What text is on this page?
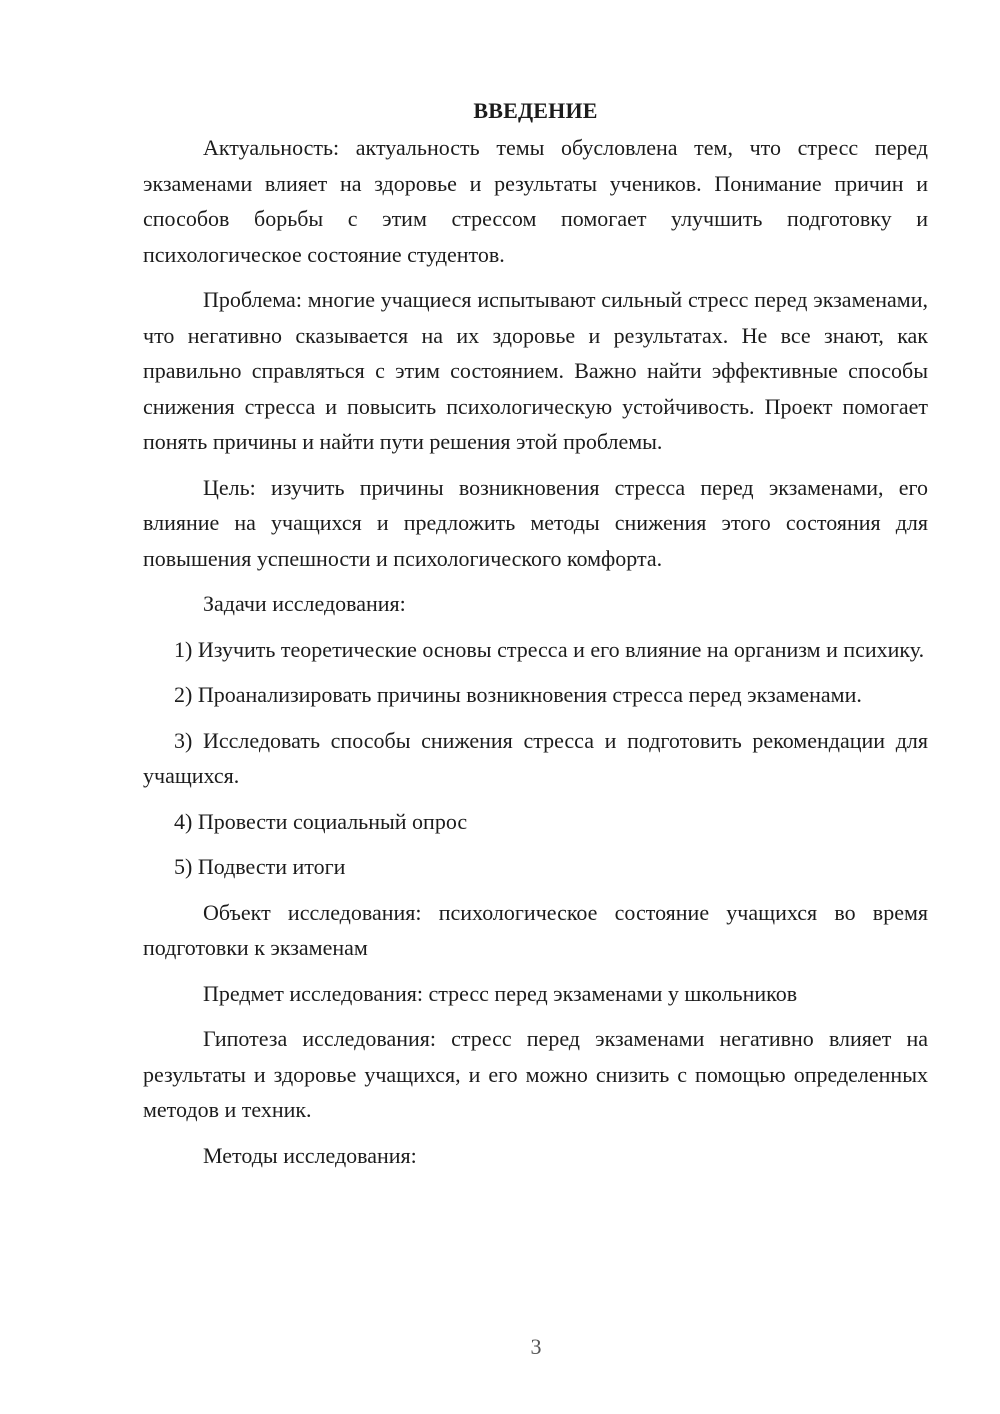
ВВЕДЕНИЕ

Актуальность: актуальность темы обусловлена тем, что стресс перед экзаменами влияет на здоровье и результаты учеников. Понимание причин и способов борьбы с этим стрессом помогает улучшить подготовку и психологическое состояние студентов.

Проблема: многие учащиеся испытывают сильный стресс перед экзаменами, что негативно сказывается на их здоровье и результатах. Не все знают, как правильно справляться с этим состоянием. Важно найти эффективные способы снижения стресса и повысить психологическую устойчивость. Проект помогает понять причины и найти пути решения этой проблемы.

Цель: изучить причины возникновения стресса перед экзаменами, его влияние на учащихся и предложить методы снижения этого состояния для повышения успешности и психологического комфорта.

Задачи исследования:

1) Изучить теоретические основы стресса и его влияние на организм и психику.

2) Проанализировать причины возникновения стресса перед экзаменами.

3) Исследовать способы снижения стресса и подготовить рекомендации для учащихся.

4) Провести социальный опрос

5) Подвести итоги

Объект исследования: психологическое состояние учащихся во время подготовки к экзаменам

Предмет исследования: стресс перед экзаменами у школьников

Гипотеза исследования: стресс перед экзаменами негативно влияет на результаты и здоровье учащихся, и его можно снизить с помощью определенных методов и техник.

Методы исследования:

3
